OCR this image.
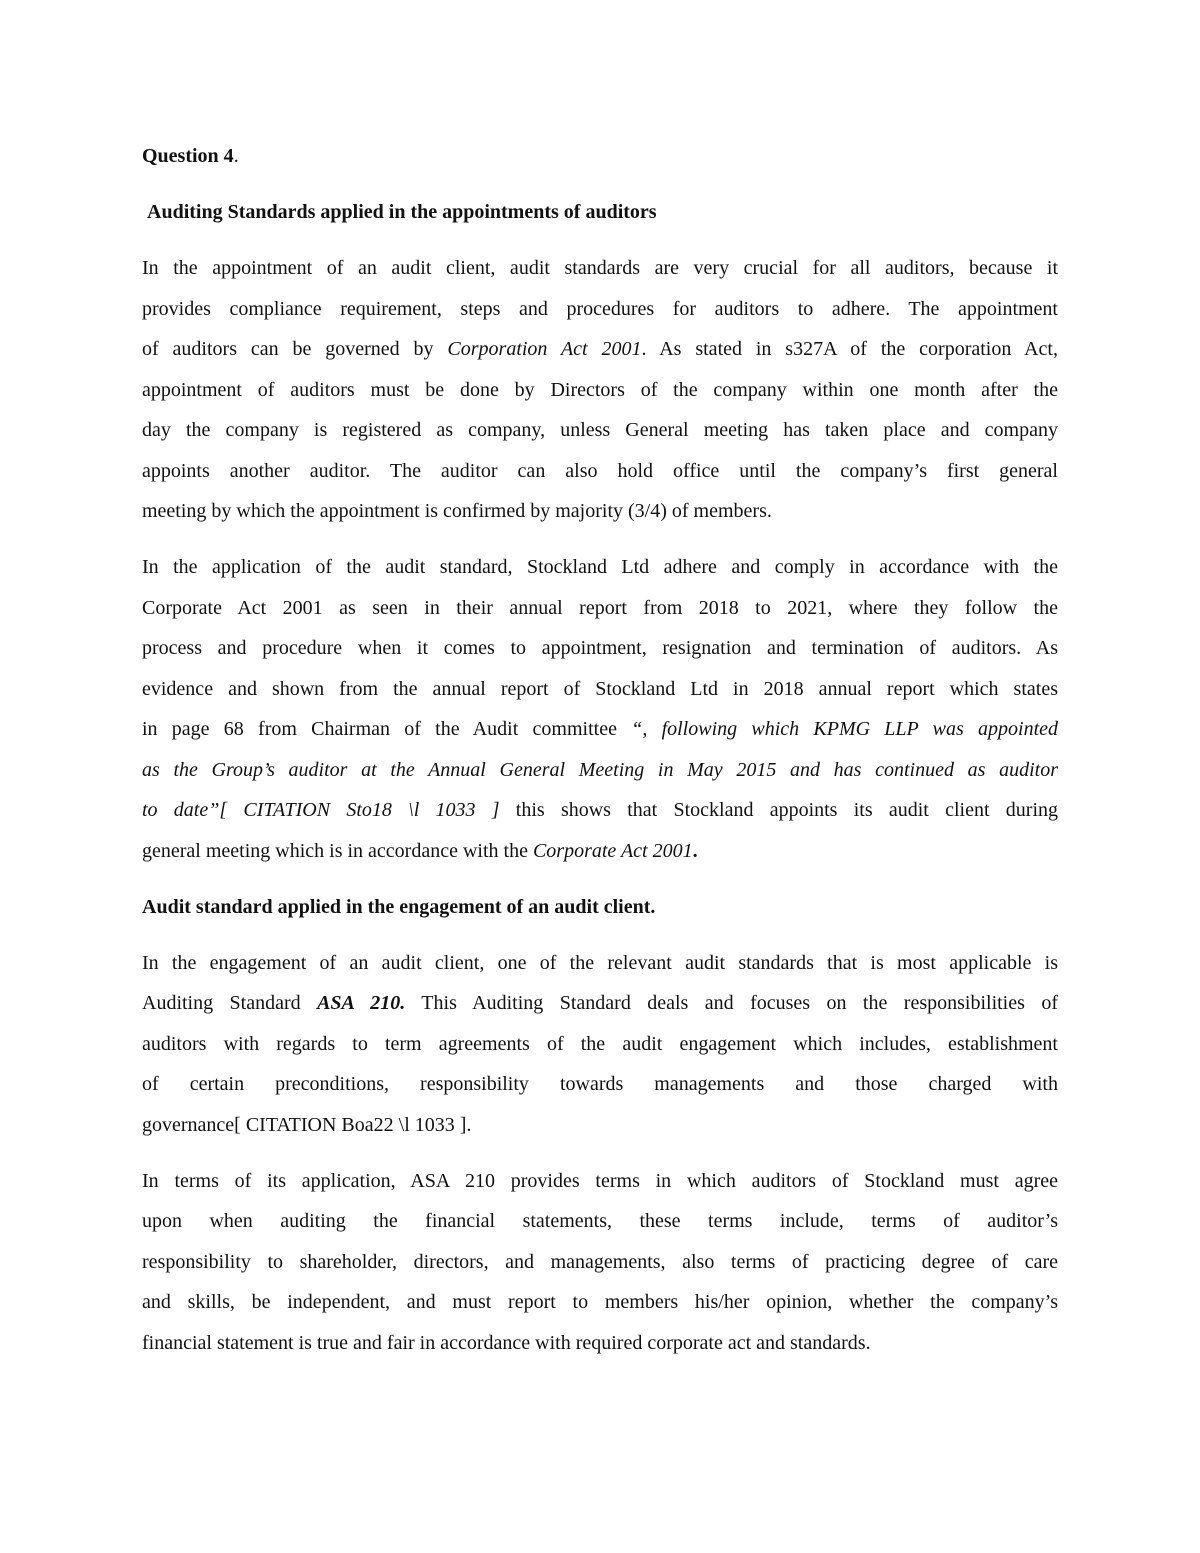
Question 4.
Auditing Standards applied in the appointments of auditors
In the appointment of an audit client, audit standards are very crucial for all auditors, because it
provides compliance requirement, steps and procedures for auditors to adhere. The appointment
of auditors can be governed by Corporation Act 2001. As stated in s327A of the corporation Act,
appointment of auditors must be done by Directors of the company within one month after the
day the company is registered as company, unless General meeting has taken place and company
appoints another auditor. The auditor can also hold office until the company’s first general
meeting by which the appointment is confirmed by majority (3/4) of members.
In the application of the audit standard, Stockland Ltd adhere and comply in accordance with the
Corporate Act 2001 as seen in their annual report from 2018 to 2021, where they follow the
process and procedure when it comes to appointment, resignation and termination of auditors. As
evidence and shown from the annual report of Stockland Ltd in 2018 annual report which states
in page 68 from Chairman of the Audit committee “, following which KPMG LLP was appointed
as the Group’s auditor at the Annual General Meeting in May 2015 and has continued as auditor
to date”[ CITATION Sto18 \l 1033 ] this shows that Stockland appoints its audit client during
general meeting which is in accordance with the Corporate Act 2001.
Audit standard applied in the engagement of an audit client.
In the engagement of an audit client, one of the relevant audit standards that is most applicable is
Auditing Standard ASA 210. This Auditing Standard deals and focuses on the responsibilities of
auditors with regards to term agreements of the audit engagement which includes, establishment
of certain preconditions, responsibility towards managements and those charged with
governance[ CITATION Boa22 \l 1033 ].
In terms of its application, ASA 210 provides terms in which auditors of Stockland must agree
upon when auditing the financial statements, these terms include, terms of auditor’s
responsibility to shareholder, directors, and managements, also terms of practicing degree of care
and skills, be independent, and must report to members his/her opinion, whether the company’s
financial statement is true and fair in accordance with required corporate act and standards.
